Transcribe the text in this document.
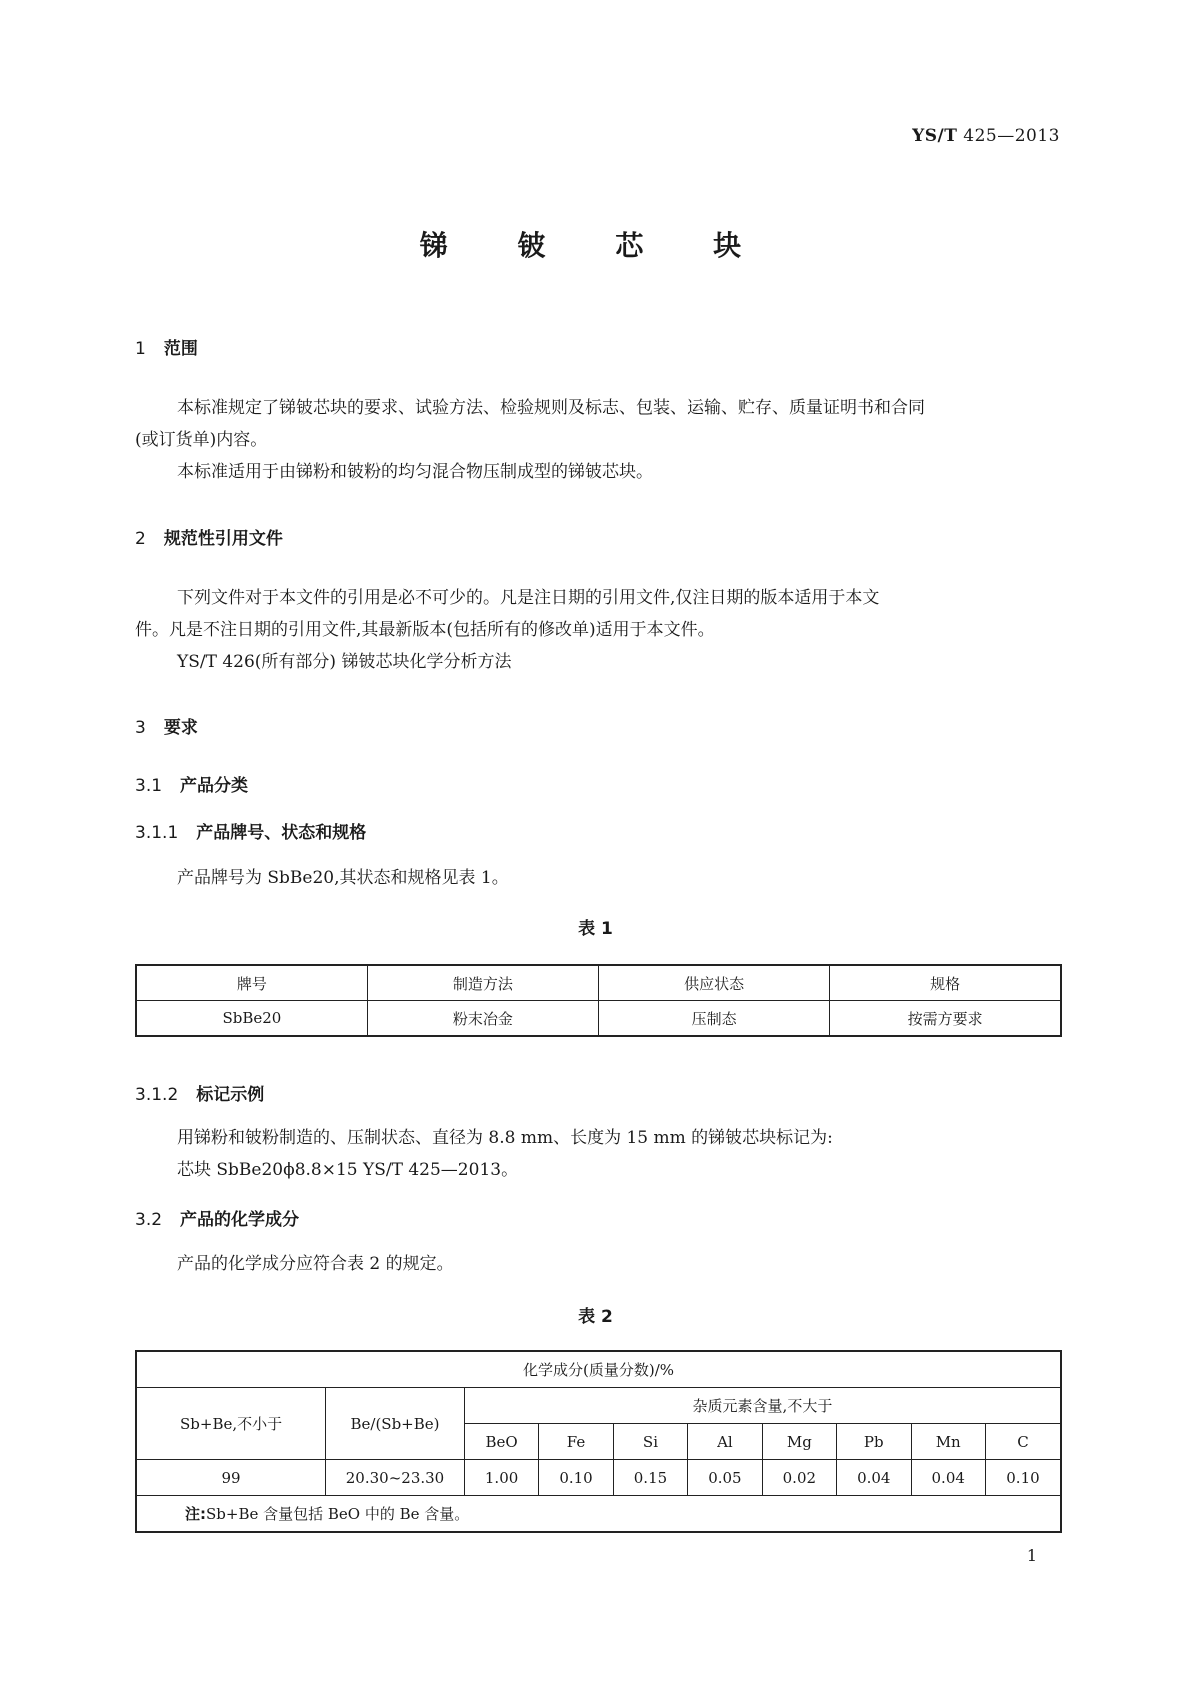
YS/T 425—2013
锑 铍 芯 块
1 范围
本标准规定了锑铍芯块的要求、试验方法、检验规则及标志、包装、运输、贮存、质量证明书和合同
(或订货单)内容。
本标准适用于由锑粉和铍粉的均匀混合物压制成型的锑铍芯块。
2 规范性引用文件
下列文件对于本文件的引用是必不可少的。凡是注日期的引用文件,仅注日期的版本适用于本文
件。凡是不注日期的引用文件,其最新版本(包括所有的修改单)适用于本文件。
YS/T 426(所有部分) 锑铍芯块化学分析方法
3 要求
3.1 产品分类
3.1.1 产品牌号、状态和规格
产品牌号为 SbBe20,其状态和规格见表 1。
表 1
牌号	制造方法	供应状态	规格
SbBe20	粉末冶金	压制态	按需方要求
3.1.2 标记示例
用锑粉和铍粉制造的、压制状态、直径为 8.8 mm、长度为 15 mm 的锑铍芯块标记为:
芯块 SbBe20ϕ8.8×15 YS/T 425—2013。
3.2 产品的化学成分
产品的化学成分应符合表 2 的规定。
表 2
化学成分(质量分数)/%									
Sb+Be,不小于	Be/(Sb+Be)	杂质元素含量,不大于							
		BeO	Fe	Si	Al	Mg	Pb	Mn	C
99	20.30~23.30	1.00	0.10	0.15	0.05	0.02	0.04	0.04	0.10
注:Sb+Be 含量包括 BeO 中的 Be 含量。									
1
